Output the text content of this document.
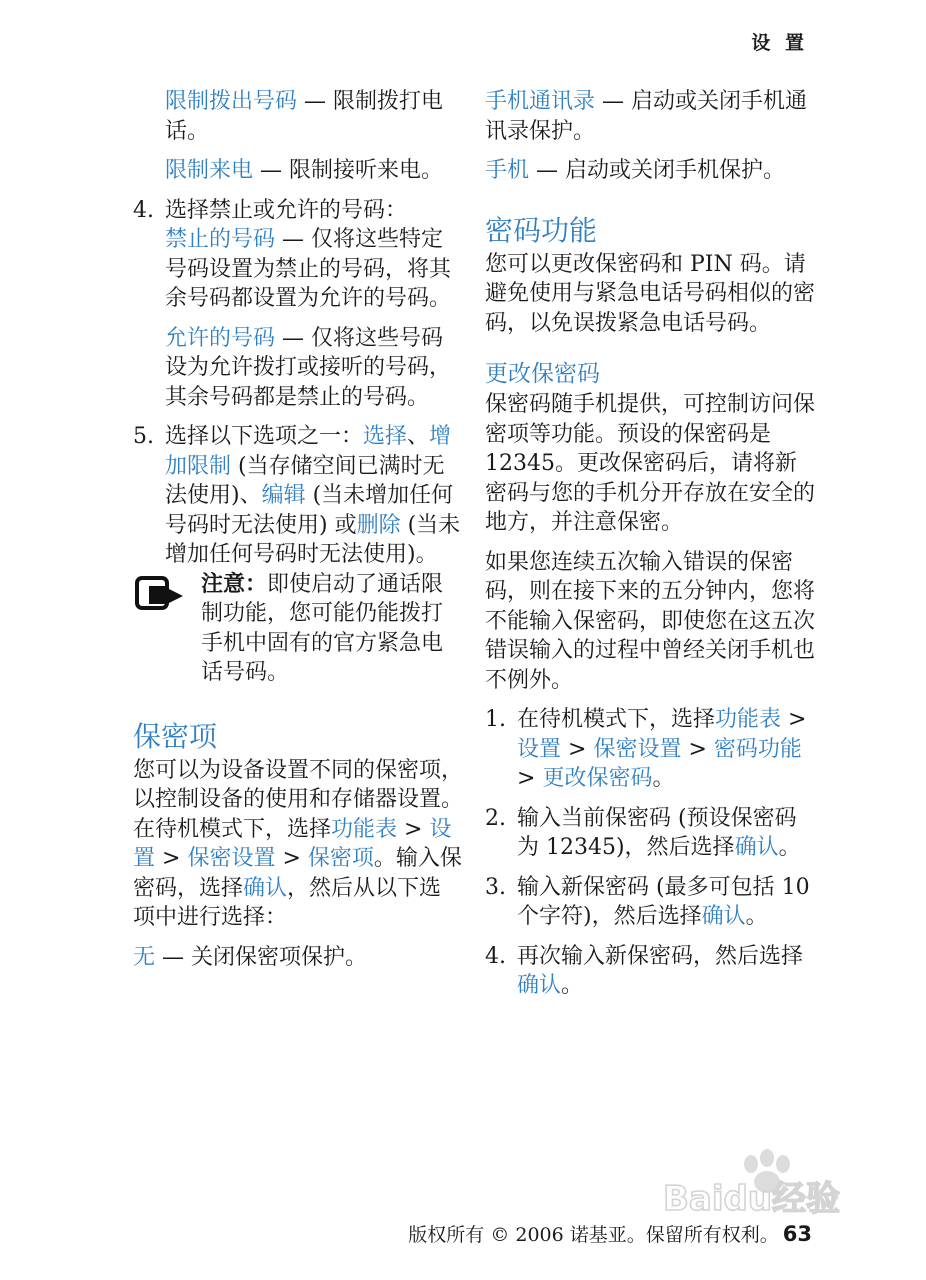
设 置
限制拨出号码 — 限制拨打电话。
限制来电 — 限制接听来电。
4. 选择禁止或允许的号码：
禁止的号码 — 仅将这些特定号码设置为禁止的号码，将其余号码都设置为允许的号码。
允许的号码 — 仅将这些号码设为允许拨打或接听的号码，其余号码都是禁止的号码。
5. 选择以下选项之一：选择、增加限制 (当存储空间已满时无法使用)、编辑 (当未增加任何号码时无法使用) 或删除 (当未增加任何号码时无法使用)。
注意：即使启动了通话限制功能，您可能仍能拨打手机中固有的官方紧急电话号码。
保密项
您可以为设备设置不同的保密项，以控制设备的使用和存储器设置。在待机模式下，选择功能表 > 设置 > 保密设置 > 保密项。输入保密码，选择确认，然后从以下选项中进行选择：
无 — 关闭保密项保护。
手机通讯录 — 启动或关闭手机通讯录保护。
手机 — 启动或关闭手机保护。
密码功能
您可以更改保密码和 PIN 码。请避免使用与紧急电话号码相似的密码，以免误拨紧急电话号码。
更改保密码
保密码随手机提供，可控制访问保密项等功能。预设的保密码是 12345。更改保密码后，请将新密码与您的手机分开存放在安全的地方，并注意保密。
如果您连续五次输入错误的保密码，则在接下来的五分钟内，您将不能输入保密码，即使您在这五次错误输入的过程中曾经关闭手机也不例外。
1. 在待机模式下，选择功能表 > 设置 > 保密设置 > 密码功能 > 更改保密码。
2. 输入当前保密码 (预设保密码为 12345)，然后选择确认。
3. 输入新保密码 (最多可包括 10 个字符)，然后选择确认。
4. 再次输入新保密码，然后选择确认。
Baidu经验
版权所有 © 2006 诺基亚。保留所有权利。 63
